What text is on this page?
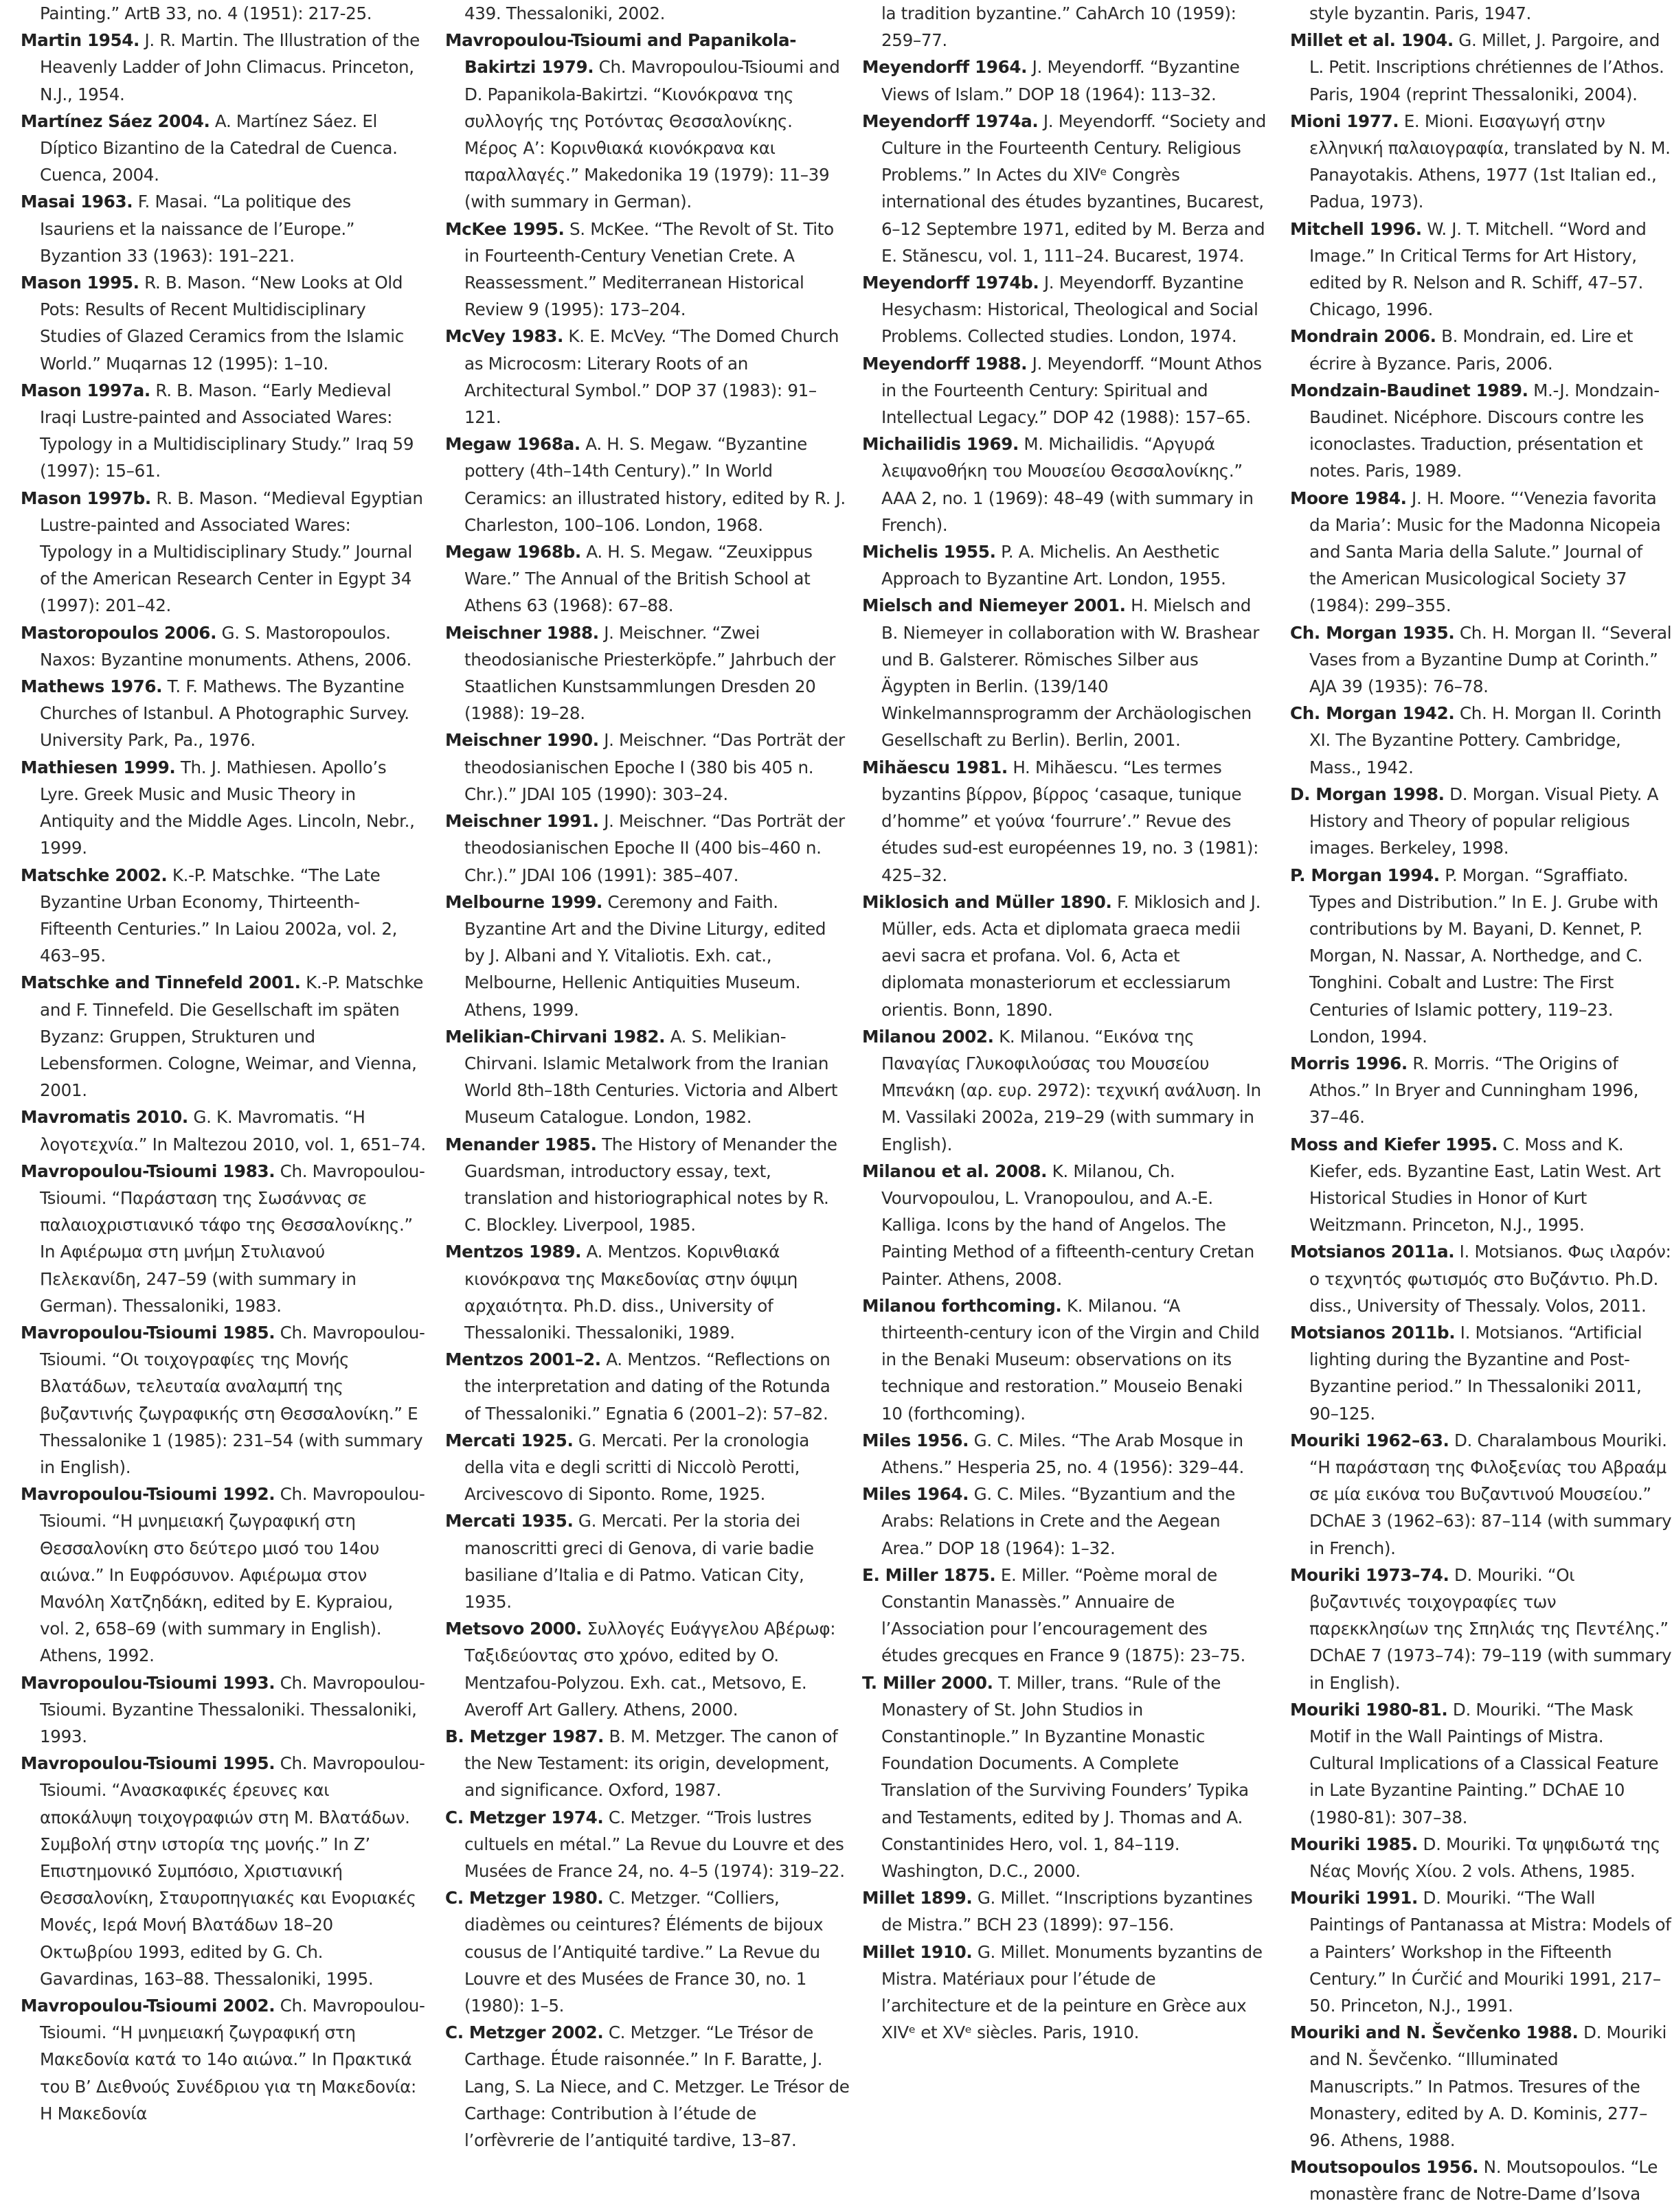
Painting.” ArtB 33, no. 4 (1951): 217-25.

Martin 1954. J. R. Martin. The Illustration of the Heavenly Ladder of John Climacus. Princeton, N.J., 1954.

Martínez Sáez 2004. A. Martínez Sáez. El Díptico Bizantino de la Catedral de Cuenca. Cuenca, 2004.

Masai 1963. F. Masai. “La politique des Isauriens et la naissance de l’Europe.” Byzantion 33 (1963): 191–221.

Mason 1995. R. B. Mason. “New Looks at Old Pots: Results of Recent Multidisciplinary Studies of Glazed Ceramics from the Islamic World.” Muqarnas 12 (1995): 1–10.

Mason 1997a. R. B. Mason. “Early Medieval Iraqi Lustre-painted and Associated Wares: Typology in a Multidisciplinary Study.” Iraq 59 (1997): 15–61.

Mason 1997b. R. B. Mason. “Medieval Egyptian Lustre-painted and Associated Wares: Typology in a Multidisciplinary Study.” Journal of the American Research Center in Egypt 34 (1997): 201–42.

Mastoropoulos 2006. G. S. Mastoropoulos. Naxos: Byzantine monuments. Athens, 2006.

Mathews 1976. T. F. Mathews. The Byzantine Churches of Istanbul. A Photographic Survey. University Park, Pa., 1976.

Mathiesen 1999. Th. J. Mathiesen. Apollo’s Lyre. Greek Music and Music Theory in Antiquity and the Middle Ages. Lincoln, Nebr., 1999.

Matschke 2002. K.-P. Matschke. “The Late Byzantine Urban Economy, Thirteenth-Fifteenth Centuries.” In Laiou 2002a, vol. 2, 463–95.

Matschke and Tinnefeld 2001. K.-P. Matschke and F. Tinnefeld. Die Gesellschaft im späten Byzanz: Gruppen, Strukturen und Lebensformen. Cologne, Weimar, and Vienna, 2001.

Mavromatis 2010. G. K. Mavromatis. “Η λογοτεχνία.” In Maltezou 2010, vol. 1, 651–74.

Mavropoulou-Tsioumi 1983. Ch. Mavropoulou-Tsioumi. “Παράσταση της Σωσάννας σε παλαιοχριστιανικό τάφο της Θεσσαλονίκης.” In Αφιέρωμα στη μνήμη Στυλιανού Πελεκανίδη, 247–59 (with summary in German). Thessaloniki, 1983.

Mavropoulou-Tsioumi 1985. Ch. Mavropoulou-Tsioumi. “Οι τοιχογραφίες της Μονής Βλατάδων, τελευταία αναλαμπή της βυζαντινής ζωγραφικής στη Θεσσαλονίκη.” E Thessalonike 1 (1985): 231–54 (with summary in English).

Mavropoulou-Tsioumi 1992. Ch. Mavropoulou-Tsioumi. “Η μνημειακή ζωγραφική στη Θεσσαλονίκη στο δεύτερο μισό του 14ου αιώνα.” In Ευφρόσυνον. Αφιέρωμα στον Μανόλη Χατζηδάκη, edited by E. Kypraiou, vol. 2, 658–69 (with summary in English). Athens, 1992.

Mavropoulou-Tsioumi 1993. Ch. Mavropoulou-Tsioumi. Byzantine Thessaloniki. Thessaloniki, 1993.

Mavropoulou-Tsioumi 1995. Ch. Mavropoulou-Tsioumi. “Ανασκαφικές έρευνες και αποκάλυψη τοιχογραφιών στη Μ. Βλατάδων. Συμβολή στην ιστορία της μονής.” In Ζ’ Επιστημονικό Συμπόσιο, Χριστιανική Θεσσαλονίκη, Σταυροπηγιακές και Ενοριακές Μονές, Ιερά Μονή Βλατάδων 18–20 Οκτωβρίου 1993, edited by G. Ch. Gavardinas, 163–88. Thessaloniki, 1995.

Mavropoulou-Tsioumi 2002. Ch. Mavropoulou-Tsioumi. “Η μνημειακή ζωγραφική στη Μακεδονία κατά το 14ο αιώνα.” In Πρακτικά του Β’ Διεθνούς Συνέδριου για τη Μακεδονία: Η Μακεδονία

439. Thessaloniki, 2002.

Mavropoulou-Tsioumi and Papanikola-Bakirtzi 1979. Ch. Mavropoulou-Tsioumi and D. Papanikola-Bakirtzi. “Κιονόκρανα της συλλογής της Ροτόντας Θεσσαλονίκης. Μέρος Α’: Κορινθιακά κιονόκρανα και παραλλαγές.” Makedonika 19 (1979): 11–39 (with summary in German).

McKee 1995. S. McKee. “The Revolt of St. Tito in Fourteenth-Century Venetian Crete. A Reassessment.” Mediterranean Historical Review 9 (1995): 173–204.

McVey 1983. K. E. McVey. “The Domed Church as Microcosm: Literary Roots of an Architectural Symbol.” DOP 37 (1983): 91–121.

Megaw 1968a. A. H. S. Megaw. “Byzantine pottery (4th–14th Century).” In World Ceramics: an illustrated history, edited by R. J. Charleston, 100–106. London, 1968.

Megaw 1968b. A. H. S. Megaw. “Zeuxippus Ware.” The Annual of the British School at Athens 63 (1968): 67–88.

Meischner 1988. J. Meischner. “Zwei theodosianische Priesterköpfe.” Jahrbuch der Staatlichen Kunstsammlungen Dresden 20 (1988): 19–28.

Meischner 1990. J. Meischner. “Das Porträt der theodosianischen Epoche I (380 bis 405 n. Chr.).” JDAI 105 (1990): 303–24.

Meischner 1991. J. Meischner. “Das Porträt der theodosianischen Epoche II (400 bis–460 n. Chr.).” JDAI 106 (1991): 385–407.

Melbourne 1999. Ceremony and Faith. Byzantine Art and the Divine Liturgy, edited by J. Albani and Y. Vitaliotis. Exh. cat., Melbourne, Hellenic Antiquities Museum. Athens, 1999.

Melikian-Chirvani 1982. A. S. Melikian-Chirvani. Islamic Metalwork from the Iranian World 8th–18th Centuries. Victoria and Albert Museum Catalogue. London, 1982.

Menander 1985. The History of Menander the Guardsman, introductory essay, text, translation and historiographical notes by R. C. Blockley. Liverpool, 1985.

Mentzos 1989. A. Mentzos. Κορινθιακά κιονόκρανα της Μακεδονίας στην όψιμη αρχαιότητα. Ph.D. diss., University of Thessaloniki. Thessaloniki, 1989.

Mentzos 2001–2. A. Mentzos. “Reflections on the interpretation and dating of the Rotunda of Thessaloniki.” Egnatia 6 (2001–2): 57–82.

Mercati 1925. G. Mercati. Per la cronologia della vita e degli scritti di Niccolò Perotti, Arcivescovo di Siponto. Rome, 1925.

Mercati 1935. G. Mercati. Per la storia dei manoscritti greci di Genova, di varie badie basiliane d’Italia e di Patmo. Vatican City, 1935.

Metsovo 2000. Συλλογές Ευάγγελου Αβέρωφ: Ταξιδεύοντας στο χρόνο, edited by O. Mentzafou-Polyzou. Exh. cat., Metsovo, E. Averoff Art Gallery. Athens, 2000.

B. Metzger 1987. B. M. Metzger. The canon of the New Testament: its origin, development, and significance. Oxford, 1987.

C. Metzger 1974. C. Metzger. “Trois lustres cultuels en métal.” La Revue du Louvre et des Musées de France 24, no. 4–5 (1974): 319–22.

C. Metzger 1980. C. Metzger. “Colliers, diadèmes ou ceintures? Éléments de bijoux cousus de l’Antiquité tardive.” La Revue du Louvre et des Musées de France 30, no. 1 (1980): 1–5.

C. Metzger 2002. C. Metzger. “Le Trésor de Carthage. Étude raisonnée.” In F. Baratte, J. Lang, S. La Niece, and C. Metzger. Le Trésor de Carthage: Contribution à l’étude de l’orfèvrerie de l’antiquité tardive, 13–87.

la tradition byzantine.” CahArch 10 (1959): 259–77.

Meyendorff 1964. J. Meyendorff. “Byzantine Views of Islam.” DOP 18 (1964): 113–32.

Meyendorff 1974a. J. Meyendorff. “Society and Culture in the Fourteenth Century. Religious Problems.” In Actes du XIVᵉ Congrès international des études byzantines, Bucarest, 6–12 Septembre 1971, edited by M. Berza and E. Stănescu, vol. 1, 111–24. Bucarest, 1974.

Meyendorff 1974b. J. Meyendorff. Byzantine Hesychasm: Historical, Theological and Social Problems. Collected studies. London, 1974.

Meyendorff 1988. J. Meyendorff. “Mount Athos in the Fourteenth Century: Spiritual and Intellectual Legacy.” DOP 42 (1988): 157–65.

Michailidis 1969. M. Michailidis. “Αργυρά λειψανοθήκη του Μουσείου Θεσσαλονίκης.” AAA 2, no. 1 (1969): 48–49 (with summary in French).

Michelis 1955. P. A. Michelis. An Aesthetic Approach to Byzantine Art. London, 1955.

Mielsch and Niemeyer 2001. H. Mielsch and B. Niemeyer in collaboration with W. Brashear und B. Galsterer. Römisches Silber aus Ägypten in Berlin. (139/140 Winkelmannsprogramm der Archäologischen Gesellschaft zu Berlin). Berlin, 2001.

Mihăescu 1981. H. Mihăescu. “Les termes byzantins βίρρον, βίρρος ‘casaque, tunique d’homme” et γούνα ‘fourrure’.” Revue des études sud-est européennes 19, no. 3 (1981): 425–32.

Miklosich and Müller 1890. F. Miklosich and J. Müller, eds. Acta et diplomata graeca medii aevi sacra et profana. Vol. 6, Acta et diplomata monasteriorum et ecclessiarum orientis. Bonn, 1890.

Milanou 2002. K. Milanou. “Εικόνα της Παναγίας Γλυκοφιλούσας του Μουσείου Μπενάκη (αρ. ευρ. 2972): τεχνική ανάλυση. In M. Vassilaki 2002a, 219–29 (with summary in English).

Milanou et al. 2008. K. Milanou, Ch. Vourvopoulou, L. Vranopoulou, and A.-E. Kalliga. Icons by the hand of Angelos. The Painting Method of a fifteenth-century Cretan Painter. Athens, 2008.

Milanou forthcoming. K. Milanou. “A thirteenth-century icon of the Virgin and Child in the Benaki Museum: observations on its technique and restoration.” Mouseio Benaki 10 (forthcoming).

Miles 1956. G. C. Miles. “The Arab Mosque in Athens.” Hesperia 25, no. 4 (1956): 329–44.

Miles 1964. G. C. Miles. “Byzantium and the Arabs: Relations in Crete and the Aegean Area.” DOP 18 (1964): 1–32.

E. Miller 1875. E. Miller. “Poème moral de Constantin Manassès.” Annuaire de l’Association pour l’encouragement des études grecques en France 9 (1875): 23–75.

T. Miller 2000. T. Miller, trans. “Rule of the Monastery of St. John Studios in Constantinople.” In Byzantine Monastic Foundation Documents. A Complete Translation of the Surviving Founders’ Typika and Testaments, edited by J. Thomas and A. Constantinides Hero, vol. 1, 84–119. Washington, D.C., 2000.

Millet 1899. G. Millet. “Inscriptions byzantines de Mistra.” BCH 23 (1899): 97–156.

Millet 1910. G. Millet. Monuments byzantins de Mistra. Matériaux pour l’étude de l’architecture et de la peinture en Grèce aux XIVᵉ et XVᵉ siècles. Paris, 1910.

style byzantin. Paris, 1947.

Millet et al. 1904. G. Millet, J. Pargoire, and L. Petit. Inscriptions chrétiennes de l’Athos. Paris, 1904 (reprint Thessaloniki, 2004).

Mioni 1977. E. Mioni. Εισαγωγή στην ελληνική παλαιογραφία, translated by N. M. Panayotakis. Athens, 1977 (1st Italian ed., Padua, 1973).

Mitchell 1996. W. J. T. Mitchell. “Word and Image.” In Critical Terms for Art History, edited by R. Nelson and R. Schiff, 47–57. Chicago, 1996.

Mondrain 2006. B. Mondrain, ed. Lire et écrire à Byzance. Paris, 2006.

Mondzain-Baudinet 1989. M.-J. Mondzain-Baudinet. Nicéphore. Discours contre les iconoclastes. Traduction, présentation et notes. Paris, 1989.

Moore 1984. J. H. Moore. “‘Venezia favorita da Maria’: Music for the Madonna Nicopeia and Santa Maria della Salute.” Journal of the American Musicological Society 37 (1984): 299–355.

Ch. Morgan 1935. Ch. H. Morgan II. “Several Vases from a Byzantine Dump at Corinth.” AJA 39 (1935): 76–78.

Ch. Morgan 1942. Ch. H. Morgan II. Corinth XI. The Byzantine Pottery. Cambridge, Mass., 1942.

D. Morgan 1998. D. Morgan. Visual Piety. A History and Theory of popular religious images. Berkeley, 1998.

P. Morgan 1994. P. Morgan. “Sgraffiato. Types and Distribution.” In E. J. Grube with contributions by M. Bayani, D. Kennet, P. Morgan, N. Nassar, A. Northedge, and C. Tonghini. Cobalt and Lustre: The First Centuries of Islamic pottery, 119–23. London, 1994.

Morris 1996. R. Morris. “The Origins of Athos.” In Bryer and Cunningham 1996, 37–46.

Moss and Kiefer 1995. C. Moss and K. Kiefer, eds. Byzantine East, Latin West. Art Historical Studies in Honor of Kurt Weitzmann. Princeton, N.J., 1995.

Motsianos 2011a. I. Motsianos. Φως ιλαρόν: ο τεχνητός φωτισμός στο Βυζάντιο. Ph.D. diss., University of Thessaly. Volos, 2011.

Motsianos 2011b. I. Motsianos. “Artificial lighting during the Byzantine and Post-Byzantine period.” In Thessaloniki 2011, 90–125.

Mouriki 1962–63. D. Charalambous Mouriki. “Η παράσταση της Φιλοξενίας του Αβραάμ σε μία εικόνα του Βυζαντινού Μουσείου.” DChAE 3 (1962–63): 87–114 (with summary in French).

Mouriki 1973–74. D. Mouriki. “Οι βυζαντινές τοιχογραφίες των παρεκκλησίων της Σπηλιάς της Πεντέλης.” DChAE 7 (1973–74): 79–119 (with summary in English).

Mouriki 1980-81. D. Mouriki. “The Mask Motif in the Wall Paintings of Mistra. Cultural Implications of a Classical Feature in Late Byzantine Painting.” DChAE 10 (1980-81): 307–38.

Mouriki 1985. D. Mouriki. Τα ψηφιδωτά της Νέας Μονής Χίου. 2 vols. Athens, 1985.

Mouriki 1991. D. Mouriki. “The Wall Paintings of Pantanassa at Mistra: Models of a Painters’ Workshop in the Fifteenth Century.” In Ćurčić and Mouriki 1991, 217–50. Princeton, N.J., 1991.

Mouriki and N. Ševčenko 1988. D. Mouriki and N. Ševčenko. “Illuminated Manuscripts.” In Patmos. Tresures of the Monastery, edited by A. D. Kominis, 277–96. Athens, 1988.

Moutsopoulos 1956. N. Moutsopoulos. “Le monastère franc de Notre-Dame d’Isova
